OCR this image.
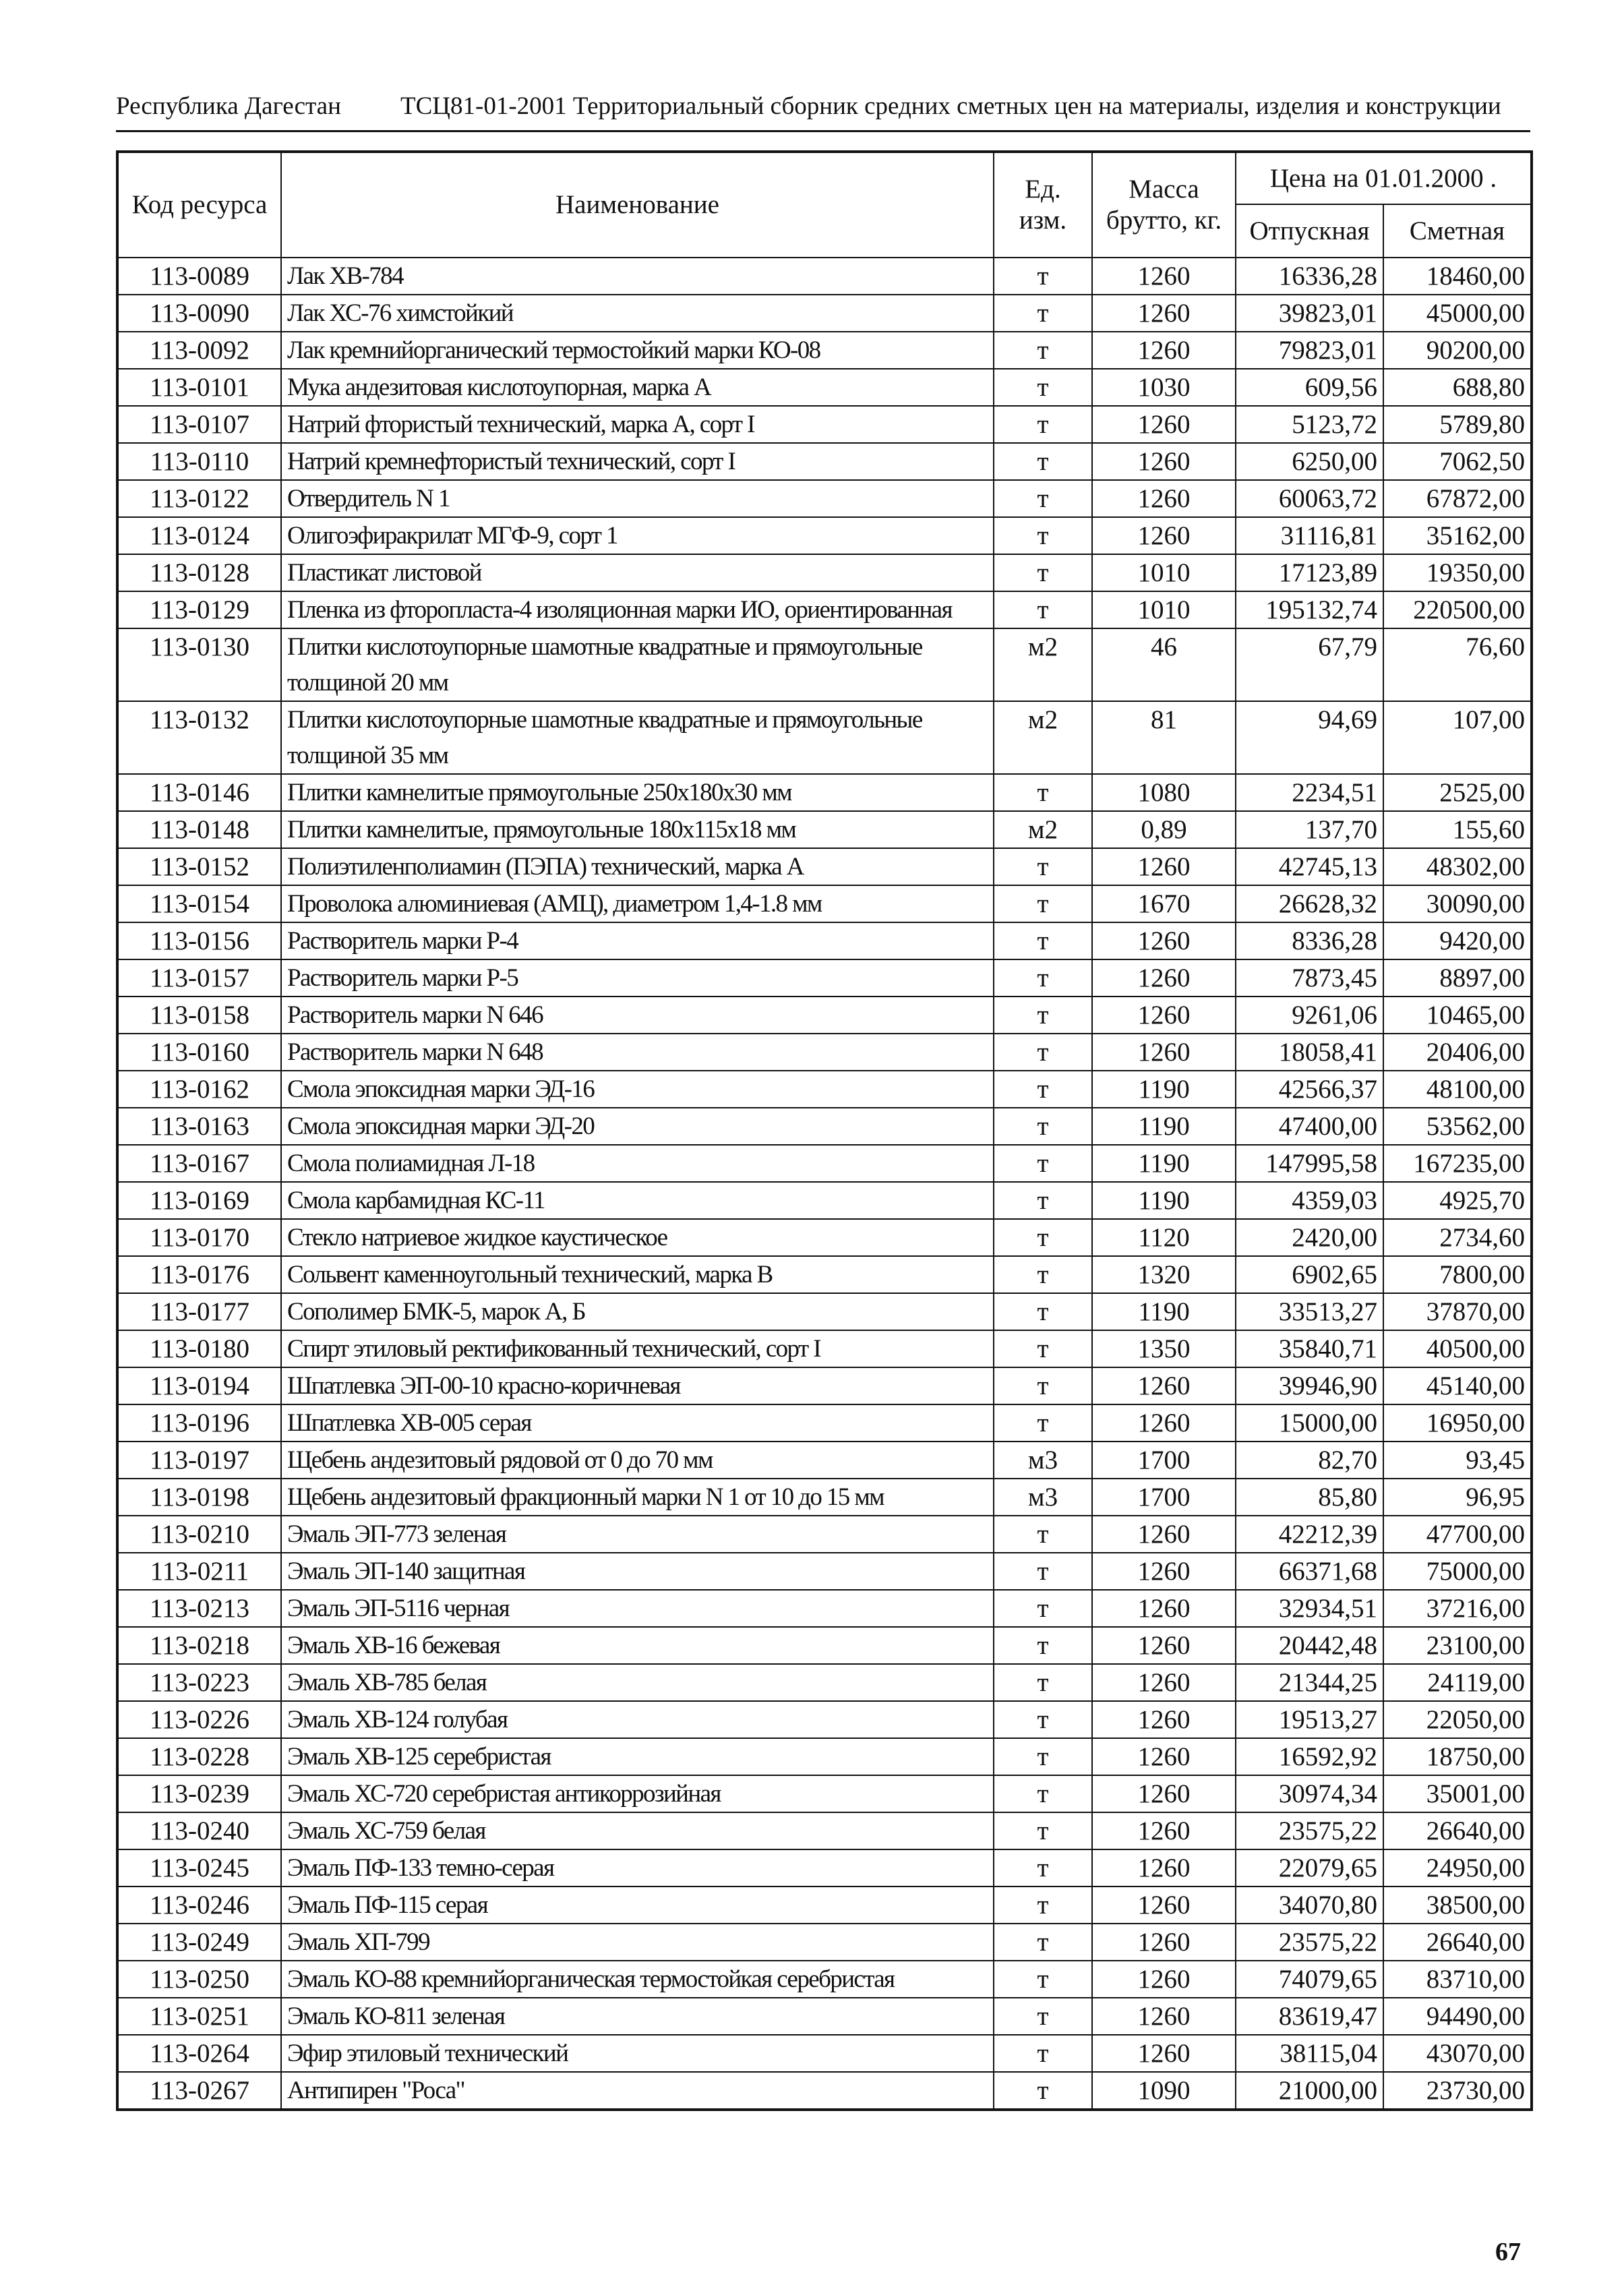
Республика Дагестан ТСЦ81-01-2001 Территориальный сборник средних сметных цен на материалы, изделия и конструкции
Код ресурса	Наименование	Ед. изм.	Масса брутто, кг.	Цена на 01.01.2000 .	
				Отпускная	Сметная
113-0089	Лак ХВ-784	т	1260	16336,28	18460,00
113-0090	Лак ХС-76 химстойкий	т	1260	39823,01	45000,00
113-0092	Лак кремнийорганический термостойкий марки КО-08	т	1260	79823,01	90200,00
113-0101	Мука андезитовая кислотоупорная, марка А	т	1030	609,56	688,80
113-0107	Натрий фтористый технический, марка А, сорт I	т	1260	5123,72	5789,80
113-0110	Натрий кремнефтористый технический, сорт I	т	1260	6250,00	7062,50
113-0122	Отвердитель N 1	т	1260	60063,72	67872,00
113-0124	Олигоэфиракрилат МГФ-9, сорт 1	т	1260	31116,81	35162,00
113-0128	Пластикат листовой	т	1010	17123,89	19350,00
113-0129	Пленка из фторопласта-4 изоляционная марки ИО, ориентированная	т	1010	195132,74	220500,00
113-0130	Плитки кислотоупорные шамотные квадратные и прямоугольные толщиной 20 мм	м2	46	67,79	76,60
113-0132	Плитки кислотоупорные шамотные квадратные и прямоугольные толщиной 35 мм	м2	81	94,69	107,00
113-0146	Плитки камнелитые прямоугольные 250x180x30 мм	т	1080	2234,51	2525,00
113-0148	Плитки камнелитые, прямоугольные 180x115x18 мм	м2	0,89	137,70	155,60
113-0152	Полиэтиленполиамин (ПЭПА) технический, марка А	т	1260	42745,13	48302,00
113-0154	Проволока алюминиевая (АМЦ), диаметром 1,4-1.8 мм	т	1670	26628,32	30090,00
113-0156	Растворитель марки Р-4	т	1260	8336,28	9420,00
113-0157	Растворитель марки Р-5	т	1260	7873,45	8897,00
113-0158	Растворитель марки N 646	т	1260	9261,06	10465,00
113-0160	Растворитель марки N 648	т	1260	18058,41	20406,00
113-0162	Смола эпоксидная марки ЭД-16	т	1190	42566,37	48100,00
113-0163	Смола эпоксидная марки ЭД-20	т	1190	47400,00	53562,00
113-0167	Смола полиамидная Л-18	т	1190	147995,58	167235,00
113-0169	Смола карбамидная КС-11	т	1190	4359,03	4925,70
113-0170	Стекло натриевое жидкое каустическое	т	1120	2420,00	2734,60
113-0176	Сольвент каменноугольный технический, марка В	т	1320	6902,65	7800,00
113-0177	Сополимер БМК-5, марок А, Б	т	1190	33513,27	37870,00
113-0180	Спирт этиловый ректификованный технический, сорт I	т	1350	35840,71	40500,00
113-0194	Шпатлевка ЭП-00-10 красно-коричневая	т	1260	39946,90	45140,00
113-0196	Шпатлевка ХВ-005 серая	т	1260	15000,00	16950,00
113-0197	Щебень андезитовый рядовой от 0 до 70 мм	м3	1700	82,70	93,45
113-0198	Щебень андезитовый фракционный марки N 1 от 10 до 15 мм	м3	1700	85,80	96,95
113-0210	Эмаль ЭП-773 зеленая	т	1260	42212,39	47700,00
113-0211	Эмаль ЭП-140 защитная	т	1260	66371,68	75000,00
113-0213	Эмаль ЭП-5116 черная	т	1260	32934,51	37216,00
113-0218	Эмаль ХВ-16 бежевая	т	1260	20442,48	23100,00
113-0223	Эмаль ХВ-785 белая	т	1260	21344,25	24119,00
113-0226	Эмаль ХВ-124 голубая	т	1260	19513,27	22050,00
113-0228	Эмаль ХВ-125 серебристая	т	1260	16592,92	18750,00
113-0239	Эмаль ХС-720 серебристая антикоррозийная	т	1260	30974,34	35001,00
113-0240	Эмаль ХС-759 белая	т	1260	23575,22	26640,00
113-0245	Эмаль ПФ-133 темно-серая	т	1260	22079,65	24950,00
113-0246	Эмаль ПФ-115 серая	т	1260	34070,80	38500,00
113-0249	Эмаль ХП-799	т	1260	23575,22	26640,00
113-0250	Эмаль КО-88 кремнийорганическая термостойкая серебристая	т	1260	74079,65	83710,00
113-0251	Эмаль КО-811 зеленая	т	1260	83619,47	94490,00
113-0264	Эфир этиловый технический	т	1260	38115,04	43070,00
113-0267	Антипирен "Роса"	т	1090	21000,00	23730,00
67
